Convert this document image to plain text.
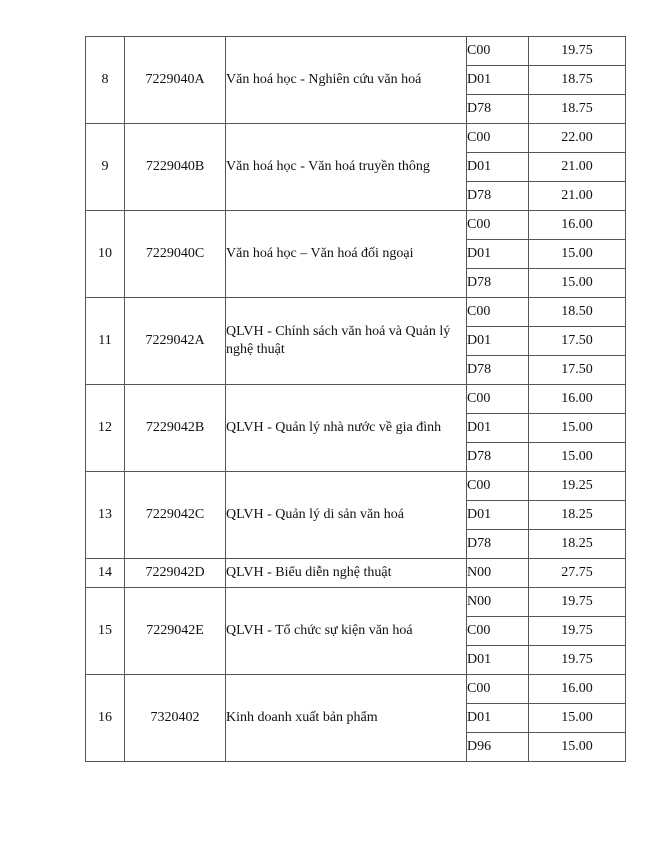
8	7229040A	Văn hoá học - Nghiên cứu văn hoá	C00	19.75
			D01	18.75
			D78	18.75
9	7229040B	Văn hoá học - Văn hoá truyền thông	C00	22.00
			D01	21.00
			D78	21.00
10	7229040C	Văn hoá học – Văn hoá đối ngoại	C00	16.00
			D01	15.00
			D78	15.00
11	7229042A	QLVH - Chính sách văn hoá và Quản lý nghệ thuật	C00	18.50
			D01	17.50
			D78	17.50
12	7229042B	QLVH - Quản lý nhà nước về gia đình	C00	16.00
			D01	15.00
			D78	15.00
13	7229042C	QLVH - Quản lý di sản văn hoá	C00	19.25
			D01	18.25
			D78	18.25
14	7229042D	QLVH - Biểu diễn nghệ thuật	N00	27.75
15	7229042E	QLVH - Tổ chức sự kiện văn hoá	N00	19.75
			C00	19.75
			D01	19.75
16	7320402	Kinh doanh xuất bản phẩm	C00	16.00
			D01	15.00
			D96	15.00
